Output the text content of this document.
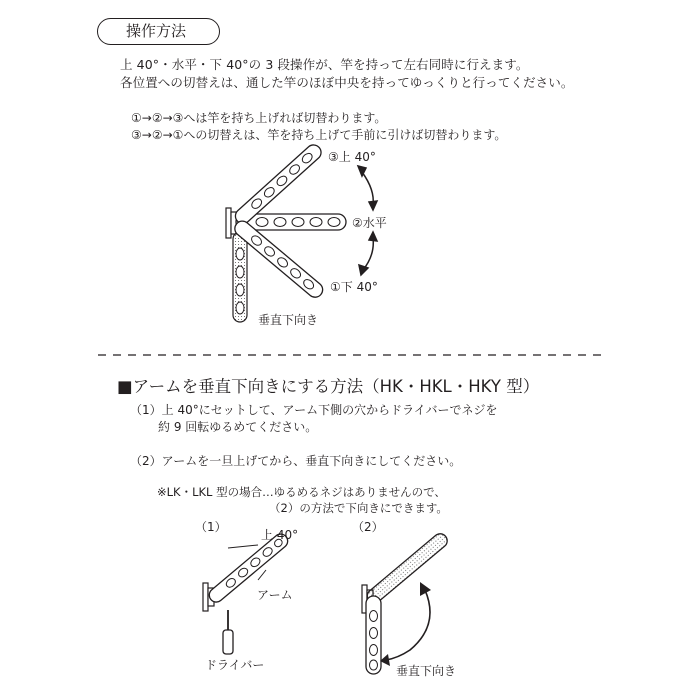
操作方法
上 40°・水平・下 40°の 3 段操作が、竿を持って左右同時に行えます。
各位置への切替えは、通した竿のほぼ中央を持ってゆっくりと行ってください。
①→②→③へは竿を持ち上げれば切替わります。
③→②→①への切替えは、竿を持ち上げて手前に引けば切替わります。
③上 40°
②水平
①下 40°
垂直下向き
■アームを垂直下向きにする方法（HK・HKL・HKY 型）
（1）上 40°にセットして、アーム下側の穴からドライバーでネジを
約 9 回転ゆるめてください。
（2）アームを一旦上げてから、垂直下向きにしてください。
※LK・LKL 型の場合…ゆるめるネジはありませんので、
（2）の方法で下向きにできます。
（1）
上 40°
アーム
ドライバー
（2）
垂直下向き
